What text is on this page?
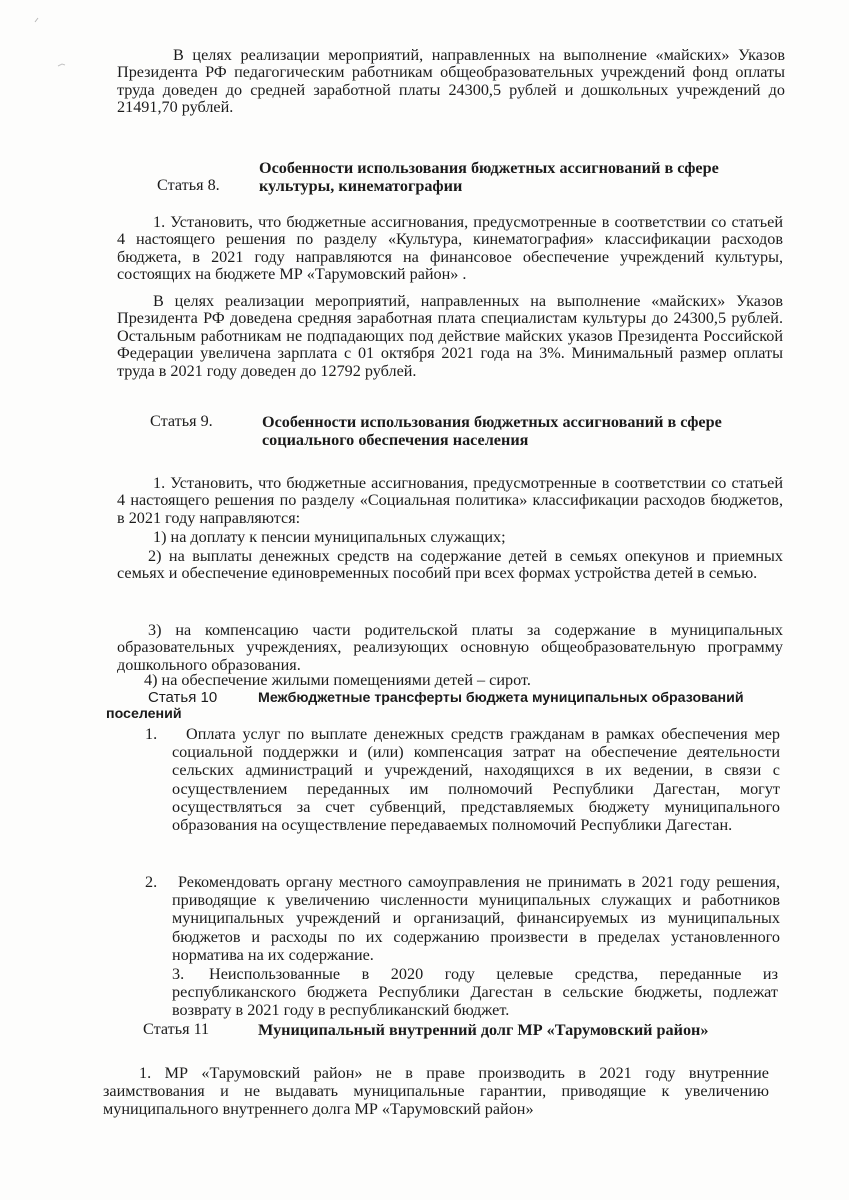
В целях реализации мероприятий, направленных на выполнение «майских» Указов Президента РФ педагогическим работникам общеобразовательных учреждений фонд оплаты труда доведен до средней заработной платы 24300,5 рублей и дошкольных учреждений до 21491,70 рублей.

Статья 8.
Особенности использования бюджетных ассигнований в сфере
культуры, кинематографии

1. Установить, что бюджетные ассигнования, предусмотренные в соответствии со статьей 4 настоящего решения по разделу «Культура, кинематография» классификации расходов бюджета, в 2021 году направляются на финансовое обеспечение учреждений культуры, состоящих на бюджете МР «Тарумовский район» .

В целях реализации мероприятий, направленных на выполнение «майских» Указов Президента РФ доведена средняя заработная плата специалистам культуры до 24300,5 рублей. Остальным работникам не подпадающих под действие майских указов Президента Российской Федерации увеличена зарплата с 01 октября 2021 года на 3%. Минимальный размер оплаты труда в 2021 году доведен до 12792 рублей.

Статья 9.	Особенности использования бюджетных ассигнований в сфере
социального обеспечения населения

1. Установить, что бюджетные ассигнования, предусмотренные в соответствии со статьей 4 настоящего решения по разделу «Социальная политика» классификации расходов бюджетов, в 2021 году направляются:

1) на доплату к пенсии муниципальных служащих;

2) на выплаты денежных средств на содержание детей в семьях опекунов и приемных семьях и обеспечение единовременных пособий при всех формах устройства детей в семью.

3) на компенсацию части родительской платы за содержание в муниципальных образовательных учреждениях, реализующих основную общеобразовательную программу дошкольного образования.

4) на обеспечение жилыми помещениями детей – сирот.

Статья 10	Межбюджетные трансферты бюджета муниципальных образований
поселений
1.	Оплата услуг по выплате денежных средств гражданам в рамках обеспечения мер социальной поддержки и (или) компенсация затрат на обеспечение деятельности сельских администраций и учреждений, находящихся в их ведении, в связи с осуществлением переданных им полномочий Республики Дагестан, могут осуществляться за счет субвенций, представляемых бюджету муниципального образования на осуществление передаваемых полномочий Республики Дагестан.

2.	Рекомендовать органу местного самоуправления не принимать в 2021 году решения, приводящие к увеличению численности муниципальных служащих и работников муниципальных учреждений и организаций, финансируемых из муниципальных бюджетов и расходы по их содержанию произвести в пределах установленного норматива на их содержание.

3.	Неиспользованные в 2020 году целевые средства, переданные из республиканского бюджета Республики Дагестан в сельские бюджеты, подлежат возврату в 2021 году в республиканский бюджет.

Статья 11	Муниципальный внутренний долг МР «Тарумовский район»

1. МР «Тарумовский район» не в праве производить в 2021 году внутренние заимствования и не выдавать муниципальные гарантии, приводящие к увеличению муниципального внутреннего долга МР «Тарумовский район»
